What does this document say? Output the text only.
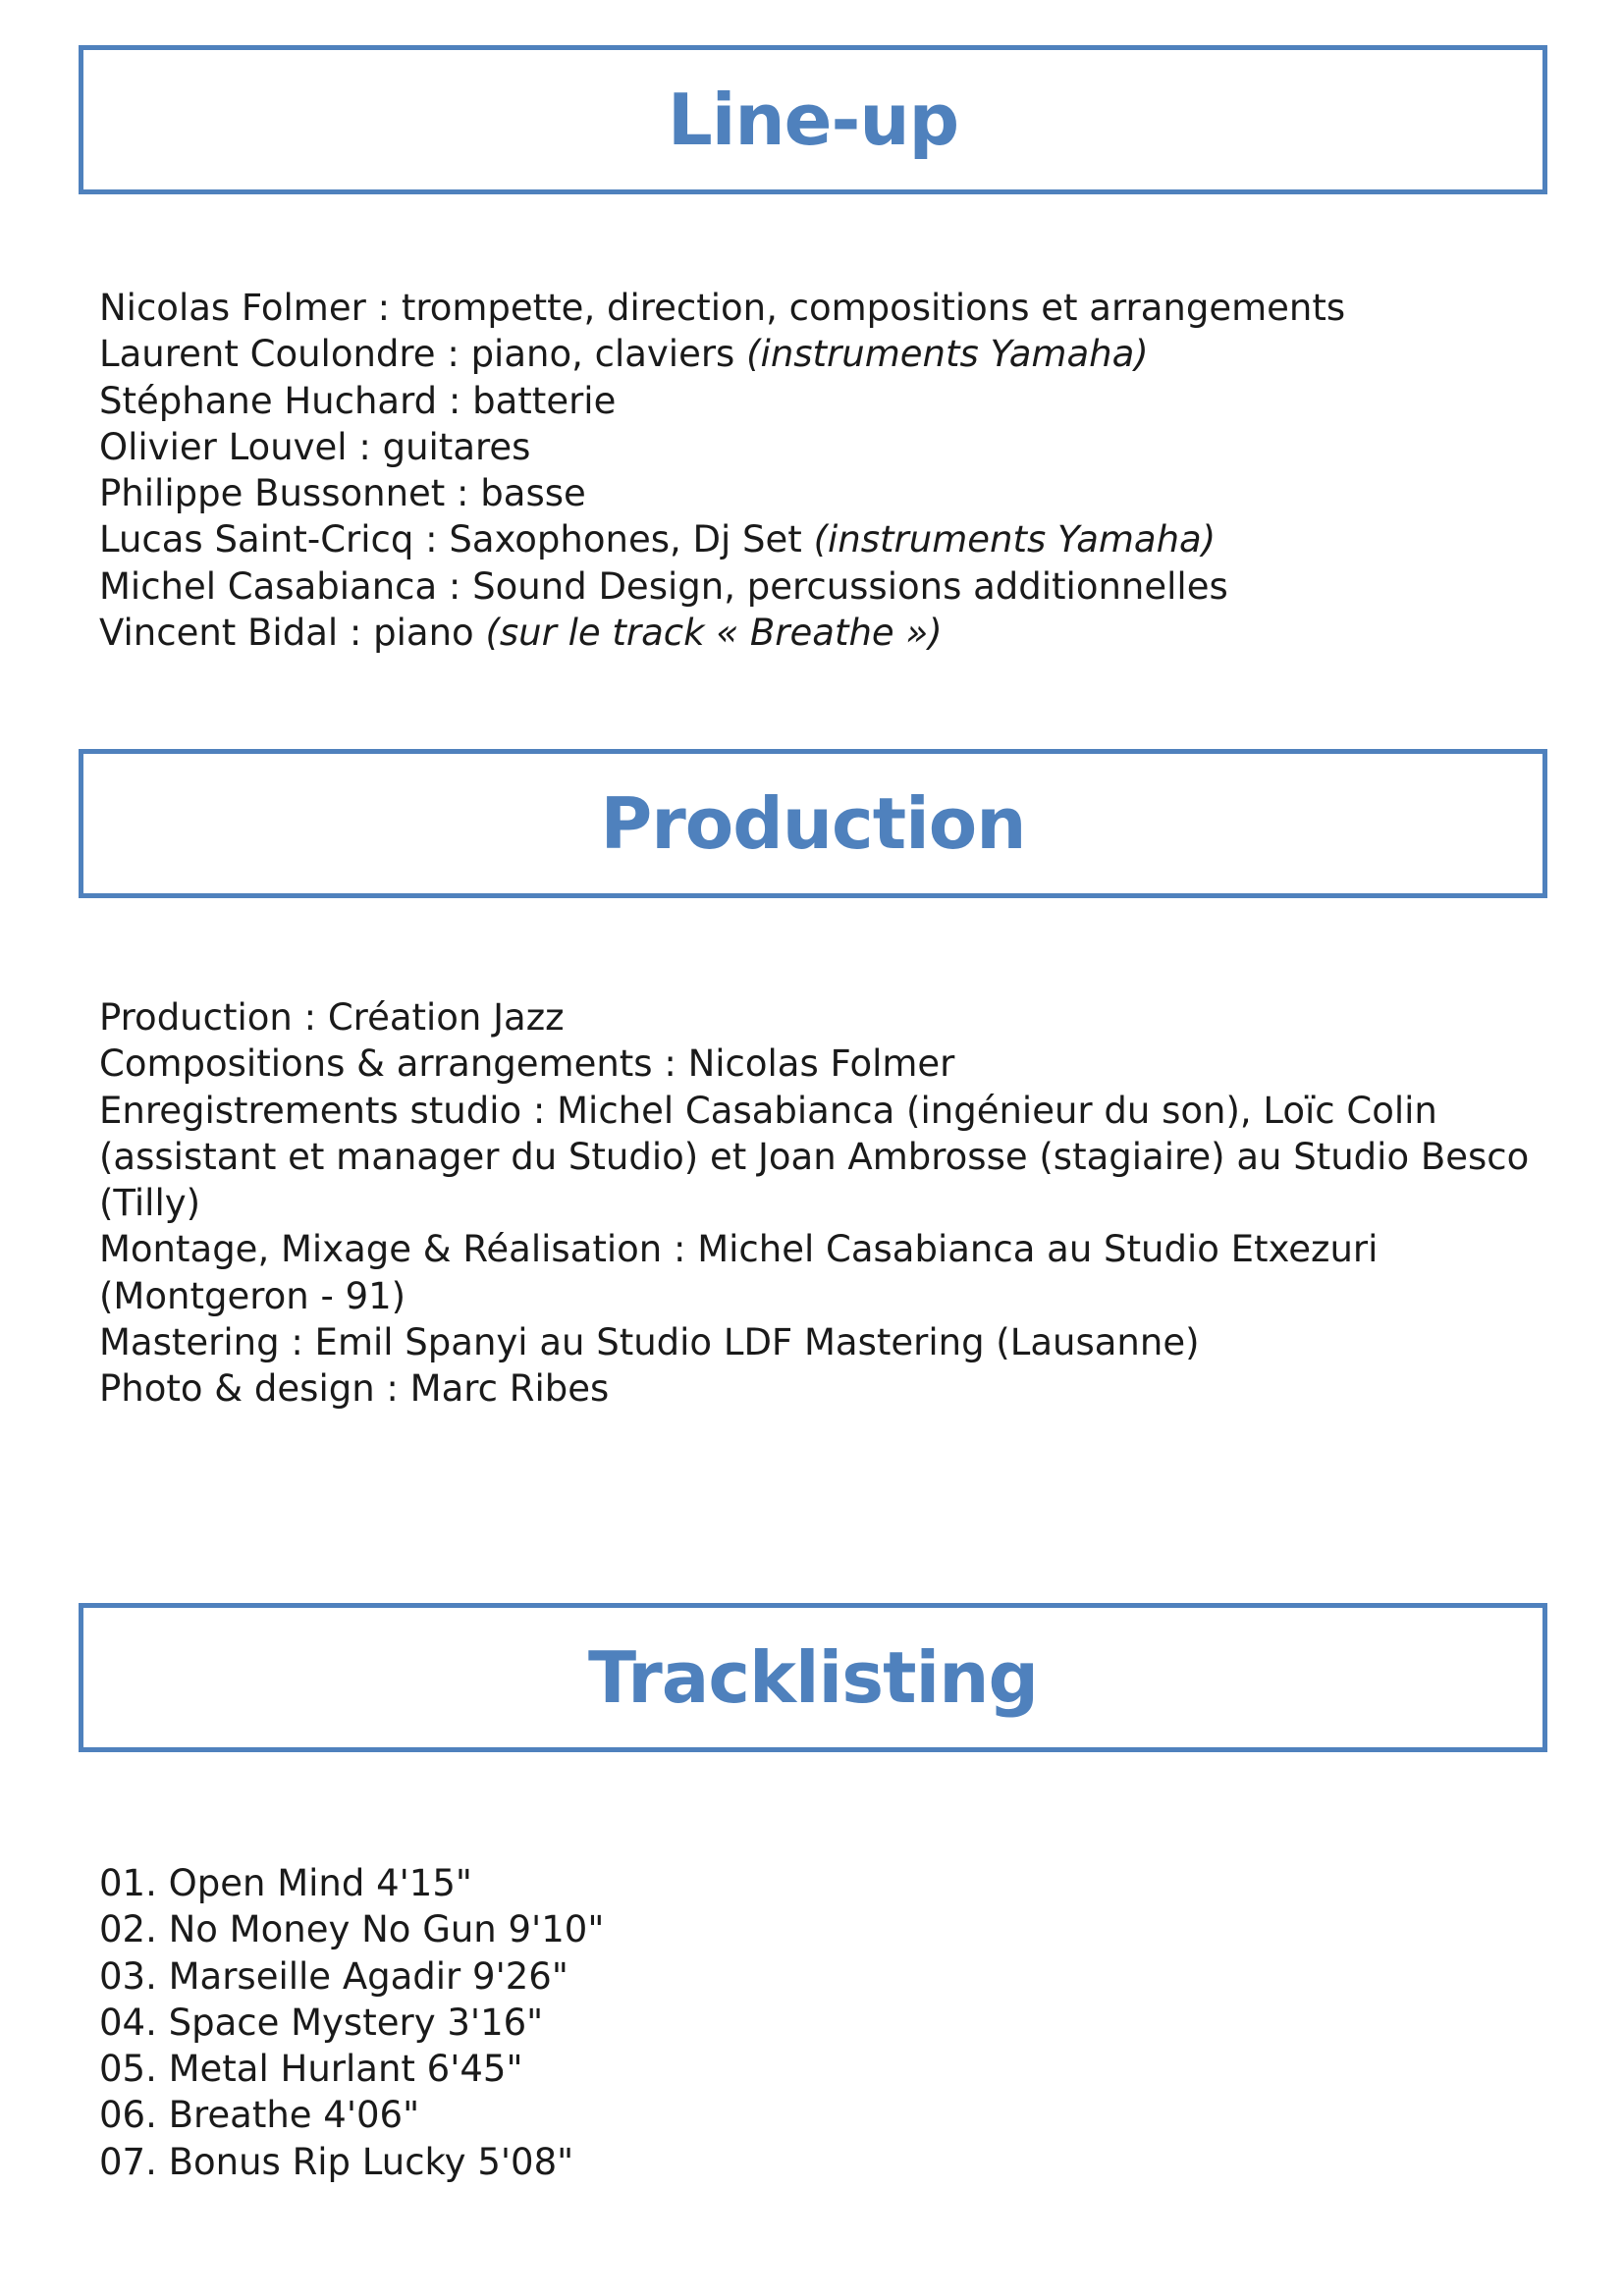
Line-up
Nicolas Folmer : trompette, direction, compositions et arrangements
Laurent Coulondre : piano, claviers (instruments Yamaha)
Stéphane Huchard : batterie
Olivier Louvel : guitares
Philippe Bussonnet : basse
Lucas Saint-Cricq : Saxophones, Dj Set (instruments Yamaha)
Michel Casabianca : Sound Design, percussions additionnelles
Vincent Bidal : piano (sur le track « Breathe »)
Production
Production : Création Jazz
Compositions & arrangements : Nicolas Folmer
Enregistrements studio : Michel Casabianca (ingénieur du son), Loïc Colin (assistant et manager du Studio) et Joan Ambrosse (stagiaire) au Studio Besco (Tilly)
Montage, Mixage & Réalisation : Michel Casabianca au Studio Etxezuri (Montgeron - 91)
Mastering : Emil Spanyi au Studio LDF Mastering (Lausanne)
Photo & design : Marc Ribes
Tracklisting
01. Open Mind 4'15"
02. No Money No Gun 9'10"
03. Marseille Agadir 9'26"
04. Space Mystery 3'16"
05. Metal Hurlant 6'45"
06. Breathe 4'06"
07. Bonus Rip Lucky 5'08"
